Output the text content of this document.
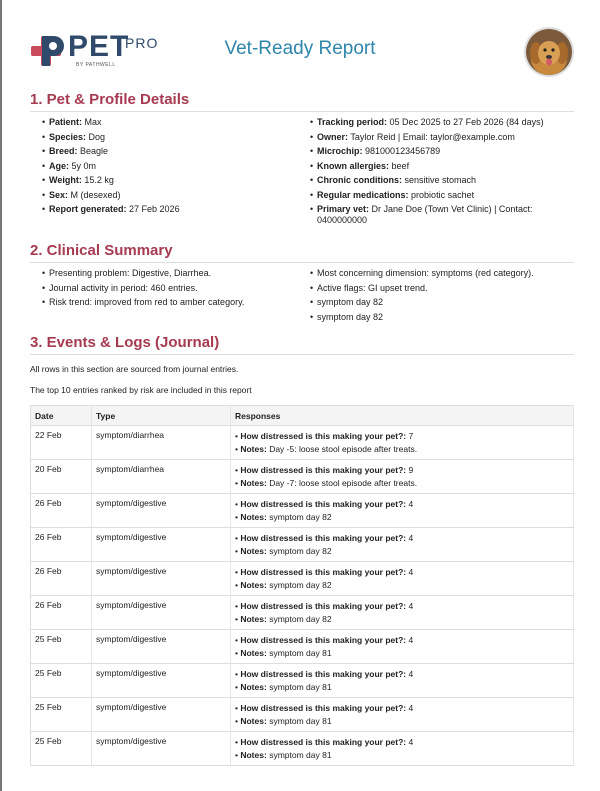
PET
PRO
BY PATHWELL
Vet-Ready Report
1. Pet & Profile Details
• Patient: Max
• Species: Dog
• Breed: Beagle
• Age: 5y 0m
• Weight: 15.2 kg
• Sex: M (desexed)
• Report generated: 27 Feb 2026
• Tracking period: 05 Dec 2025 to 27 Feb 2026 (84 days)
• Owner: Taylor Reid | Email: taylor@example.com
• Microchip: 981000123456789
• Known allergies: beef
• Chronic conditions: sensitive stomach
• Regular medications: probiotic sachet
• Primary vet: Dr Jane Doe (Town Vet Clinic) | Contact: 0400000000
2. Clinical Summary
• Presenting problem: Digestive, Diarrhea.
• Journal activity in period: 460 entries.
• Risk trend: improved from red to amber category.
• Most concerning dimension: symptoms (red category).
• Active flags: GI upset trend.
• symptom day 82
• symptom day 82
3. Events & Logs (Journal)
All rows in this section are sourced from journal entries.
The top 10 entries ranked by risk are included in this report
Date	Type	Responses
22 Feb	symptom/diarrhea	• How distressed is this making your pet?: 7
• Notes: Day -5: loose stool episode after treats.

20 Feb	symptom/diarrhea	• How distressed is this making your pet?: 9
• Notes: Day -7: loose stool episode after treats.

26 Feb	symptom/digestive	• How distressed is this making your pet?: 4
• Notes: symptom day 82

26 Feb	symptom/digestive	• How distressed is this making your pet?: 4
• Notes: symptom day 82

26 Feb	symptom/digestive	• How distressed is this making your pet?: 4
• Notes: symptom day 82

26 Feb	symptom/digestive	• How distressed is this making your pet?: 4
• Notes: symptom day 82

25 Feb	symptom/digestive	• How distressed is this making your pet?: 4
• Notes: symptom day 81

25 Feb	symptom/digestive	• How distressed is this making your pet?: 4
• Notes: symptom day 81

25 Feb	symptom/digestive	• How distressed is this making your pet?: 4
• Notes: symptom day 81

25 Feb	symptom/digestive	• How distressed is this making your pet?: 4
• Notes: symptom day 81
